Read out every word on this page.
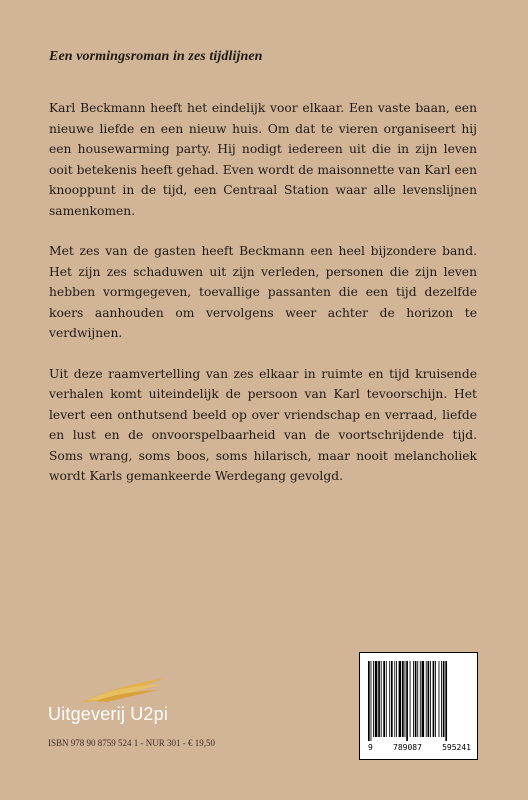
Een vormingsroman in zes tijdlijnen

Karl Beckmann heeft het eindelijk voor elkaar. Een vaste baan, een nieuwe liefde en een nieuw huis. Om dat te vieren organiseert hij een housewarming party. Hij nodigt iedereen uit die in zijn leven ooit betekenis heeft gehad. Even wordt de maisonnette van Karl een knooppunt in de tijd, een Centraal Station waar alle levenslijnen samenkomen.

Met zes van de gasten heeft Beckmann een heel bijzondere band. Het zijn zes schaduwen uit zijn verleden, personen die zijn leven hebben vormgegeven, toevallige passanten die een tijd dezelfde koers aanhouden om vervolgens weer achter de horizon te verdwijnen.

Uit deze raamvertelling van zes elkaar in ruimte en tijd kruisende verhalen komt uiteindelijk de persoon van Karl tevoorschijn. Het levert een onthutsend beeld op over vriendschap en verraad, liefde en lust en de onvoorspelbaarheid van de voortschrijdende tijd. Soms wrang, soms boos, soms hilarisch, maar nooit melancholiek wordt Karls gemankeerde Werdegang gevolgd.

Uitgeverij U2pi
ISBN 978 90 8759 524 1 - NUR 301 - € 19,50	9	789087	595241
